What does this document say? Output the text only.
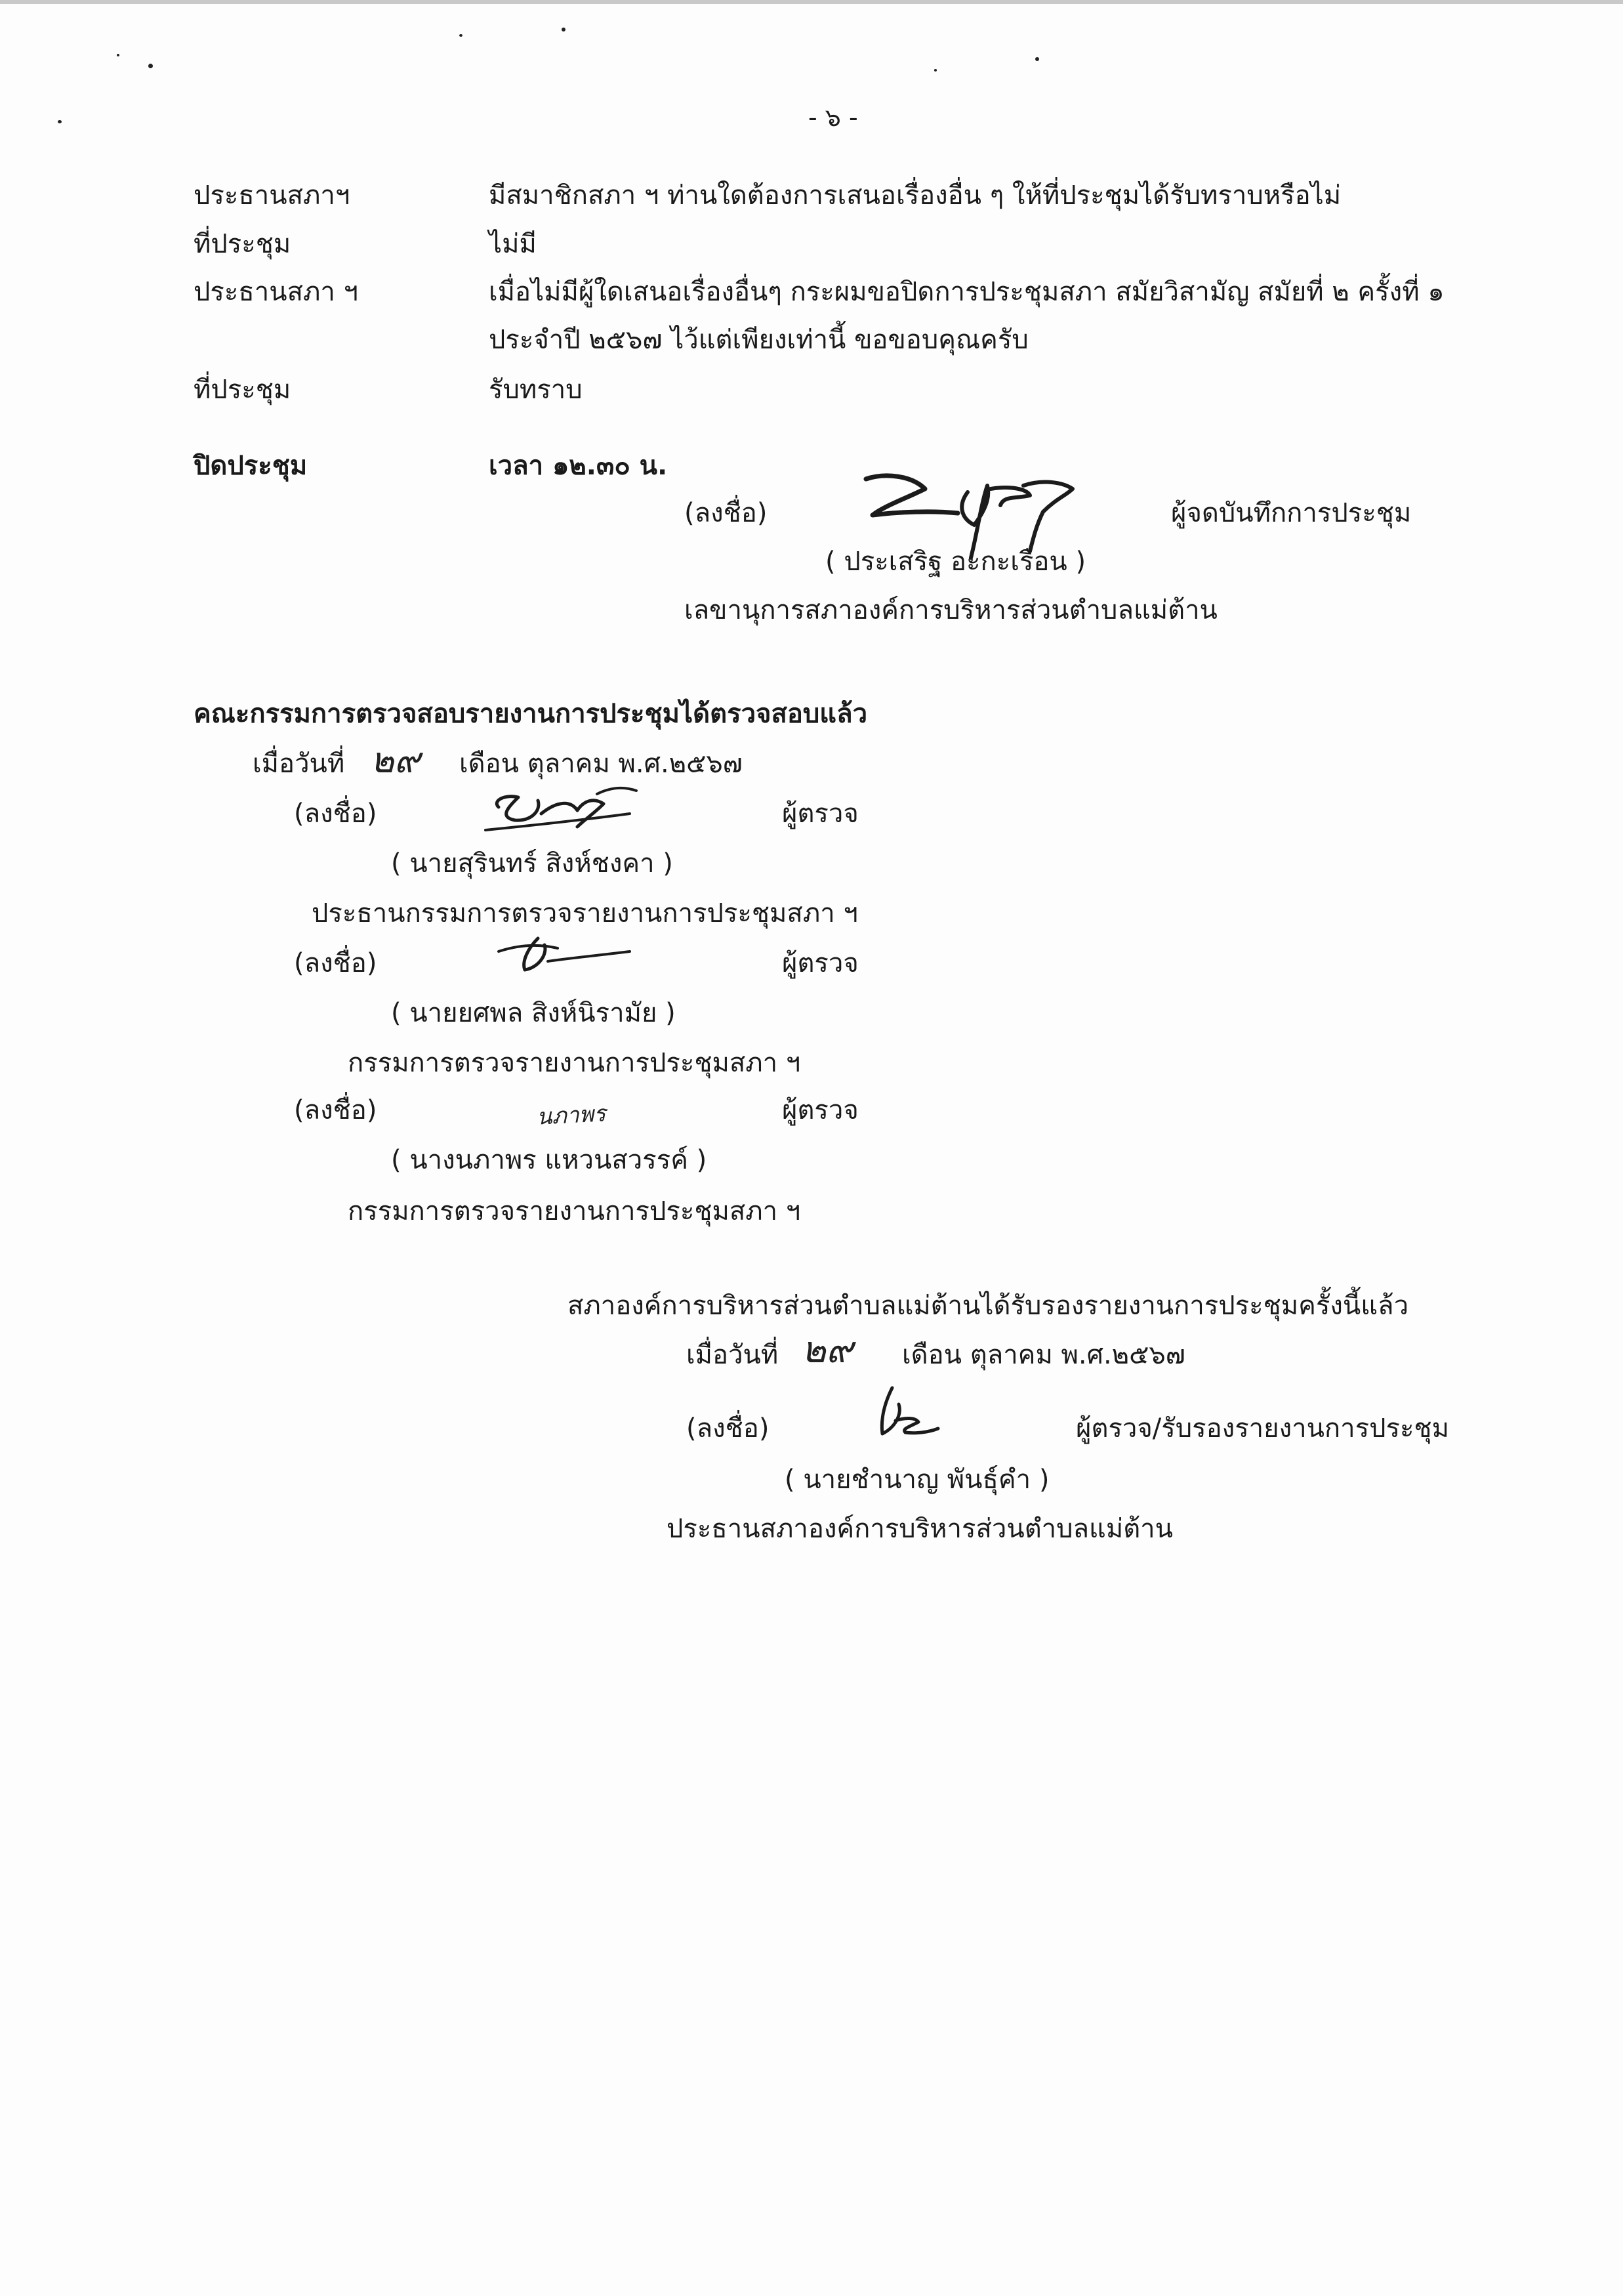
- ๖ -
ประธานสภาฯ	มีสมาชิกสภา ฯ ท่านใดต้องการเสนอเรื่องอื่น ๆ ให้ที่ประชุมได้รับทราบหรือไม่
ที่ประชุม	ไม่มี
ประธานสภา ฯ	เมื่อไม่มีผู้ใดเสนอเรื่องอื่นๆ กระผมขอปิดการประชุมสภา สมัยวิสามัญ สมัยที่ ๒ ครั้งที่ ๑
ประจำปี ๒๕๖๗ ไว้แต่เพียงเท่านี้ ขอขอบคุณครับ
ที่ประชุม	รับทราบ
ปิดประชุม	เวลา ๑๒.๓๐ น.
(ลงชื่อ)	ผู้จดบันทึกการประชุม
( ประเสริฐ อะกะเรือน )
เลขานุการสภาองค์การบริหารส่วนตำบลแม่ต้าน
คณะกรรมการตรวจสอบรายงานการประชุมได้ตรวจสอบแล้ว
เมื่อวันที่ ๒๙ เดือน ตุลาคม พ.ศ.๒๕๖๗
(ลงชื่อ)	ผู้ตรวจ
( นายสุรินทร์ สิงห์ชงคา )
ประธานกรรมการตรวจรายงานการประชุมสภา ฯ
(ลงชื่อ)	ผู้ตรวจ
( นายยศพล สิงห์นิรามัย )
กรรมการตรวจรายงานการประชุมสภา ฯ
(ลงชื่อ)	นภาพร	ผู้ตรวจ
( นางนภาพร แหวนสวรรค์ )
กรรมการตรวจรายงานการประชุมสภา ฯ
สภาองค์การบริหารส่วนตำบลแม่ต้านได้รับรองรายงานการประชุมครั้งนี้แล้ว
เมื่อวันที่ ๒๙ เดือน ตุลาคม พ.ศ.๒๕๖๗
(ลงชื่อ)	ผู้ตรวจ/รับรองรายงานการประชุม
( นายชำนาญ พันธุ์คำ )
ประธานสภาองค์การบริหารส่วนตำบลแม่ต้าน
